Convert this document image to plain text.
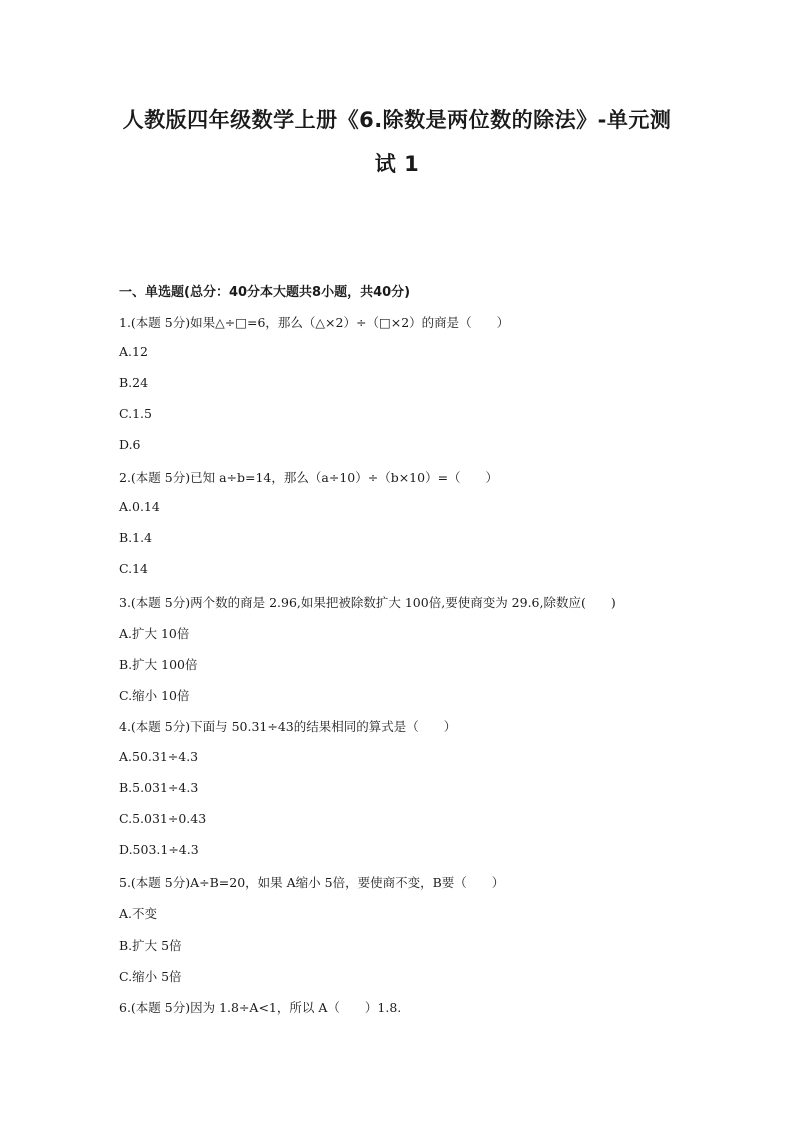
人教版四年级数学上册《6.除数是两位数的除法》-单元测
试 1
一、单选题(总分：40分本大题共8小题，共40分)
1.(本题 5分)如果△÷□=6，那么（△×2）÷（□×2）的商是（　　）
A.12
B.24
C.1.5
D.6
2.(本题 5分)已知 a÷b=14，那么（a÷10）÷（b×10）=（　　）
A.0.14
B.1.4
C.14
3.(本题 5分)两个数的商是 2.96,如果把被除数扩大 100倍,要使商变为 29.6,除数应(　　)
A.扩大 10倍
B.扩大 100倍
C.缩小 10倍
4.(本题 5分)下面与 50.31÷43的结果相同的算式是（　　）
A.50.31÷4.3
B.5.031÷4.3
C.5.031÷0.43
D.503.1÷4.3
5.(本题 5分)A÷B=20，如果 A缩小 5倍，要使商不变，B要（　　）
A.不变
B.扩大 5倍
C.缩小 5倍
6.(本题 5分)因为 1.8÷A<1，所以 A（　　）1.8.
